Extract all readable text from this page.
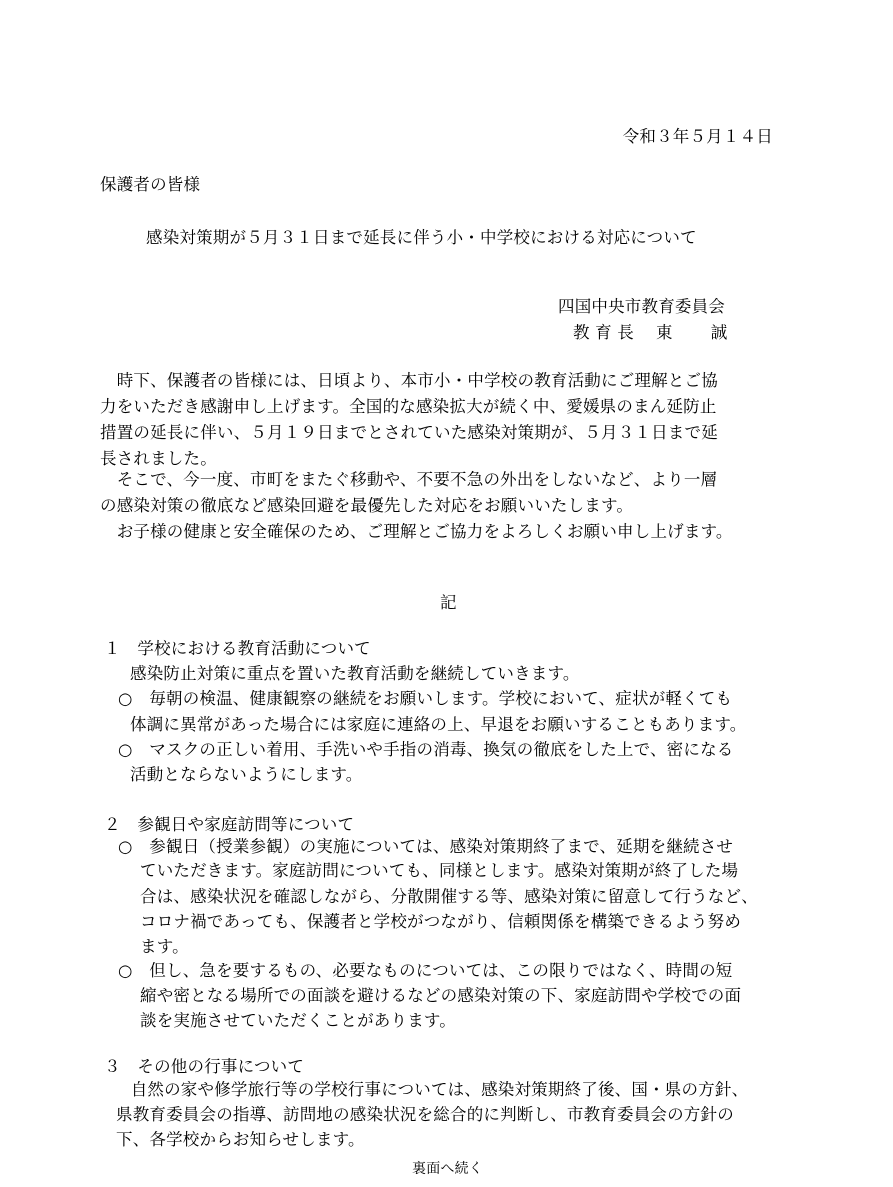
令和３年５月１４日

保護者の皆様

感染対策期が５月３１日まで延長に伴う小・中学校における対応について

四国中央市教育委員会

教 育 長 東 誠

　時下、保護者の皆様には、日頃より、本市小・中学校の教育活動にご理解とご協

力をいただき感謝申し上げます。全国的な感染拡大が続く中、愛媛県のまん延防止

措置の延長に伴い、５月１９日までとされていた感染対策期が、５月３１日まで延

長されました。

　そこで、今一度、市町をまたぐ移動や、不要不急の外出をしないなど、より一層

の感染対策の徹底など感染回避を最優先した対応をお願いいたします。

　お子様の健康と安全確保のため、ご理解とご協力をよろしくお願い申し上げます。

記

１　学校における教育活動について

感染防止対策に重点を置いた教育活動を継続していきます。

○　毎朝の検温、健康観察の継続をお願いします。学校において、症状が軽くても

体調に異常があった場合には家庭に連絡の上、早退をお願いすることもあります。

○　マスクの正しい着用、手洗いや手指の消毒、換気の徹底をした上で、密になる

活動とならないようにします。

２　参観日や家庭訪問等について

○　参観日（授業参観）の実施については、感染対策期終了まで、延期を継続させ

ていただきます。家庭訪問についても、同様とします。感染対策期が終了した場

合は、感染状況を確認しながら、分散開催する等、感染対策に留意して行うなど、

コロナ禍であっても、保護者と学校がつながり、信頼関係を構築できるよう努め

ます。

○　但し、急を要するもの、必要なものについては、この限りではなく、時間の短

縮や密となる場所での面談を避けるなどの感染対策の下、家庭訪問や学校での面

談を実施させていただくことがあります。

３　その他の行事について

　自然の家や修学旅行等の学校行事については、感染対策期終了後、国・県の方針、

県教育委員会の指導、訪問地の感染状況を総合的に判断し、市教育委員会の方針の

下、各学校からお知らせします。

裏面へ続く
